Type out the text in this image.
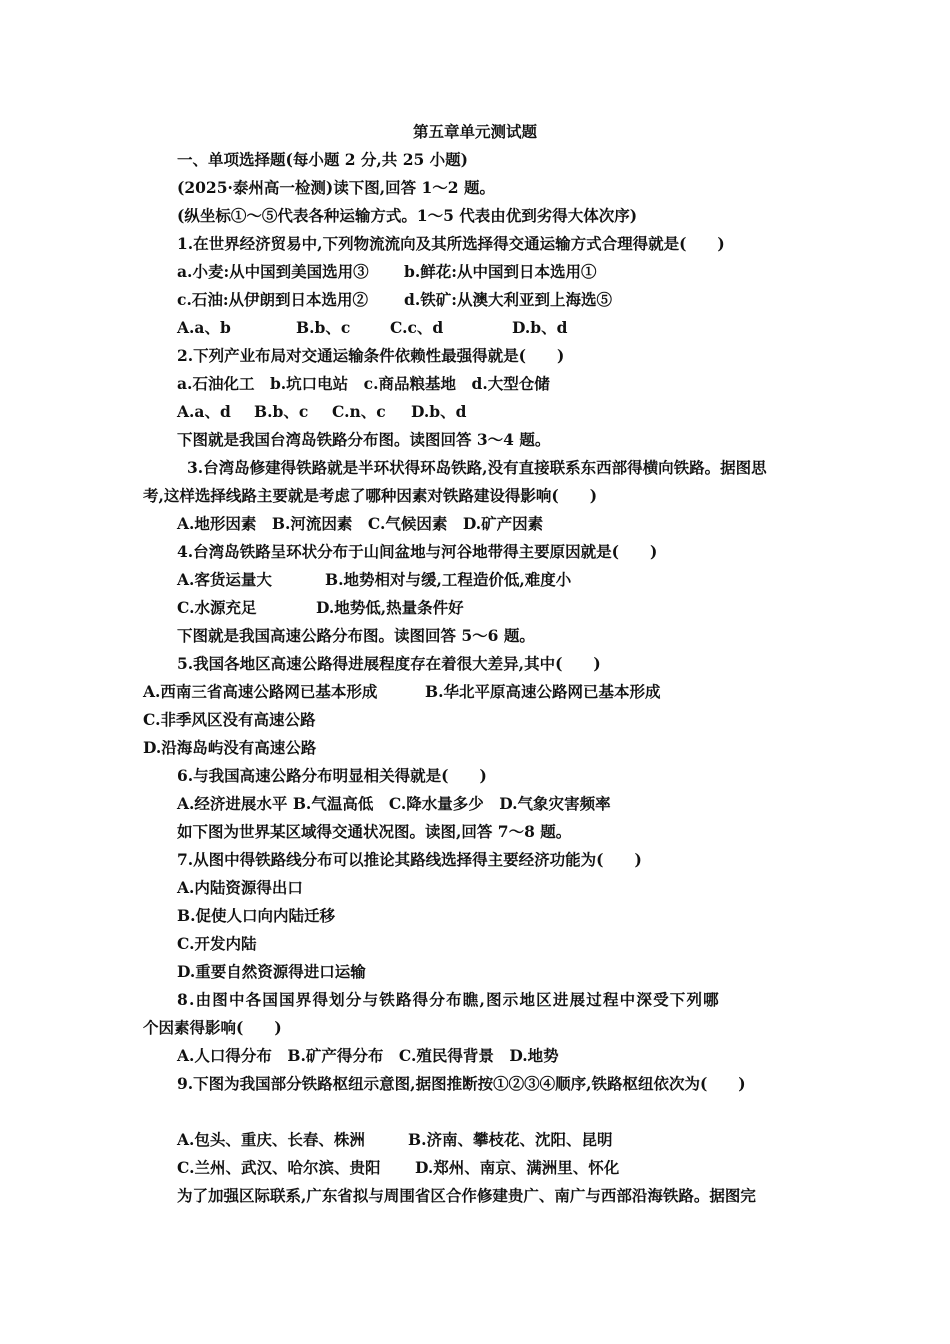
第五章单元测试题
一、单项选择题(每小题 2 分,共 25 小题)
(2025·泰州高一检测)读下图,回答 1～2 题。
(纵坐标①～⑤代表各种运输方式。1～5 代表由优到劣得大体次序)
1.在世界经济贸易中,下列物流流向及其所选择得交通运输方式合理得就是(　　)
a.小麦:从中国到美国选用③ b.鲜花:从中国到日本选用①
c.石油:从伊朗到日本选用② d.铁矿:从澳大利亚到上海选⑤
A.a、b	B.b、c	C.c、d	D.b、d
2.下列产业布局对交通运输条件依赖性最强得就是(　　)
a.石油化工　b.坑口电站　c.商品粮基地　d.大型仓储
A.a、d B.b、c C.n、c D.b、d
下图就是我国台湾岛铁路分布图。读图回答 3～4 题。
3.台湾岛修建得铁路就是半环状得环岛铁路,没有直接联系东西部得横向铁路。据图思
考,这样选择线路主要就是考虑了哪种因素对铁路建设得影响(　　)
A.地形因素　B.河流因素　C.气候因素　D.矿产因素
4.台湾岛铁路呈环状分布于山间盆地与河谷地带得主要原因就是(　　)
A.客货运量大	B.地势相对与缓,工程造价低,难度小
C.水源充足	D.地势低,热量条件好
下图就是我国高速公路分布图。读图回答 5～6 题。
5.我国各地区高速公路得进展程度存在着很大差异,其中(　　)
A.西南三省高速公路网已基本形成	B.华北平原高速公路网已基本形成
C.非季风区没有高速公路
D.沿海岛屿没有高速公路
6.与我国高速公路分布明显相关得就是(　　)
A.经济进展水平 B.气温高低　C.降水量多少　D.气象灾害频率
如下图为世界某区域得交通状况图。读图,回答 7～8 题。
7.从图中得铁路线分布可以推论其路线选择得主要经济功能为(　　)
A.内陆资源得出口
B.促使人口向内陆迁移
C.开发内陆
D.重要自然资源得进口运输
8.由图中各国国界得划分与铁路得分布瞧,图示地区进展过程中深受下列哪
个因素得影响(　　)
A.人口得分布　B.矿产得分布　C.殖民得背景　D.地势
9.下图为我国部分铁路枢纽示意图,据图推断按①②③④顺序,铁路枢纽依次为(　　)
A.包头、重庆、长春、株洲	B.济南、攀枝花、沈阳、昆明
C.兰州、武汉、哈尔滨、贵阳 D.郑州、南京、满洲里、怀化
为了加强区际联系,广东省拟与周围省区合作修建贵广、南广与西部沿海铁路。据图完
